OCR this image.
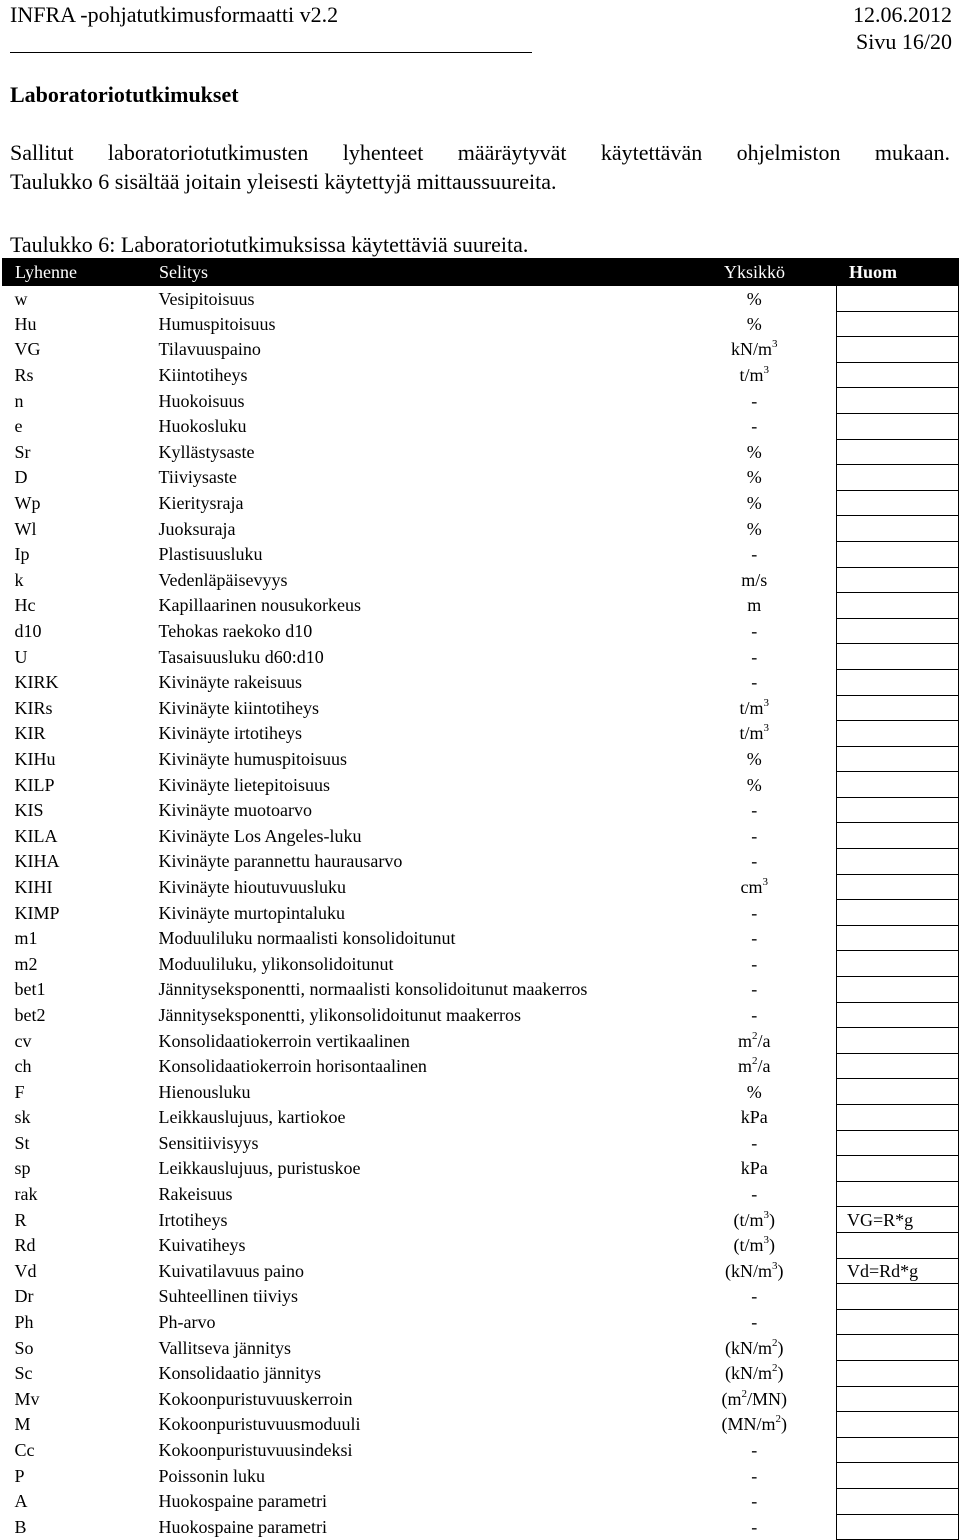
INFRA -pohjatutkimusformaatti v2.2	12.06.2012
Sivu 16/20
Laboratoriotutkimukset
Sallitut laboratoriotutkimusten lyhenteet määräytyvät käytettävän ohjelmiston mukaan.
Taulukko 6 sisältää joitain yleisesti käytettyjä mittaussuureita.
Taulukko 6: Laboratoriotutkimuksissa käytettäviä suureita.
Lyhenne	Selitys	Yksikkö	Huom
w	Vesipitoisuus	%	
Hu	Humuspitoisuus	%	
VG	Tilavuuspaino	$kN/m^3$	
Rs	Kiintotiheys	$t/m^3$	
n	Huokoisuus	-	
e	Huokosluku	-	
Sr	Kyllästysaste	%	
D	Tiiviysaste	%	
Wp	Kieritysraja	%	
Wl	Juoksuraja	%	
Ip	Plastisuusluku	-	
k	Vedenläpäisevyys	m/s	
Hc	Kapillaarinen nousukorkeus	m	
d10	Tehokas raekoko d10	-	
U	Tasaisuusluku d60:d10	-	
KIRK	Kivinäyte rakeisuus	-	
KIRs	Kivinäyte kiintotiheys	$t/m^3$	
KIR	Kivinäyte irtotiheys	$t/m^3$	
KIHu	Kivinäyte humuspitoisuus	%	
KILP	Kivinäyte lietepitoisuus	%	
KIS	Kivinäyte muotoarvo	-	
KILA	Kivinäyte Los Angeles-luku	-	
KIHA	Kivinäyte parannettu haurausarvo	-	
KIHI	Kivinäyte hioutuvuusluku	$cm^3$	
KIMP	Kivinäyte murtopintaluku	-	
m1	Moduuliluku normaalisti konsolidoitunut	-	
m2	Moduuliluku, ylikonsolidoitunut	-	
bet1	Jännityseksponentti, normaalisti konsolidoitunut maakerros	-	
bet2	Jännityseksponentti, ylikonsolidoitunut maakerros	-	
cv	Konsolidaatiokerroin vertikaalinen	$m^2/a$	
ch	Konsolidaatiokerroin horisontaalinen	$m^2/a$	
F	Hienousluku	%	
sk	Leikkauslujuus, kartiokoe	kPa	
St	Sensitiivisyys	-	
sp	Leikkauslujuus, puristuskoe	kPa	
rak	Rakeisuus	-	
R	Irtotiheys	$(t/m^3)$	VG=R*g
Rd	Kuivatiheys	$(t/m^3)$	
Vd	Kuivatilavuus paino	$(kN/m^3)$	Vd=Rd*g
Dr	Suhteellinen tiiviys	-	
Ph	Ph-arvo	-	
So	Vallitseva jännitys	$(kN/m^2)$	
Sc	Konsolidaatio jännitys	$(kN/m^2)$	
Mv	Kokoonpuristuvuuskerroin	$(m^2/MN)$	
M	Kokoonpuristuvuusmoduuli	$(MN/m^2)$	
Cc	Kokoonpuristuvuusindeksi	-	
P	Poissonin luku	-	
A	Huokospaine parametri	-	
B	Huokospaine parametri	-	
